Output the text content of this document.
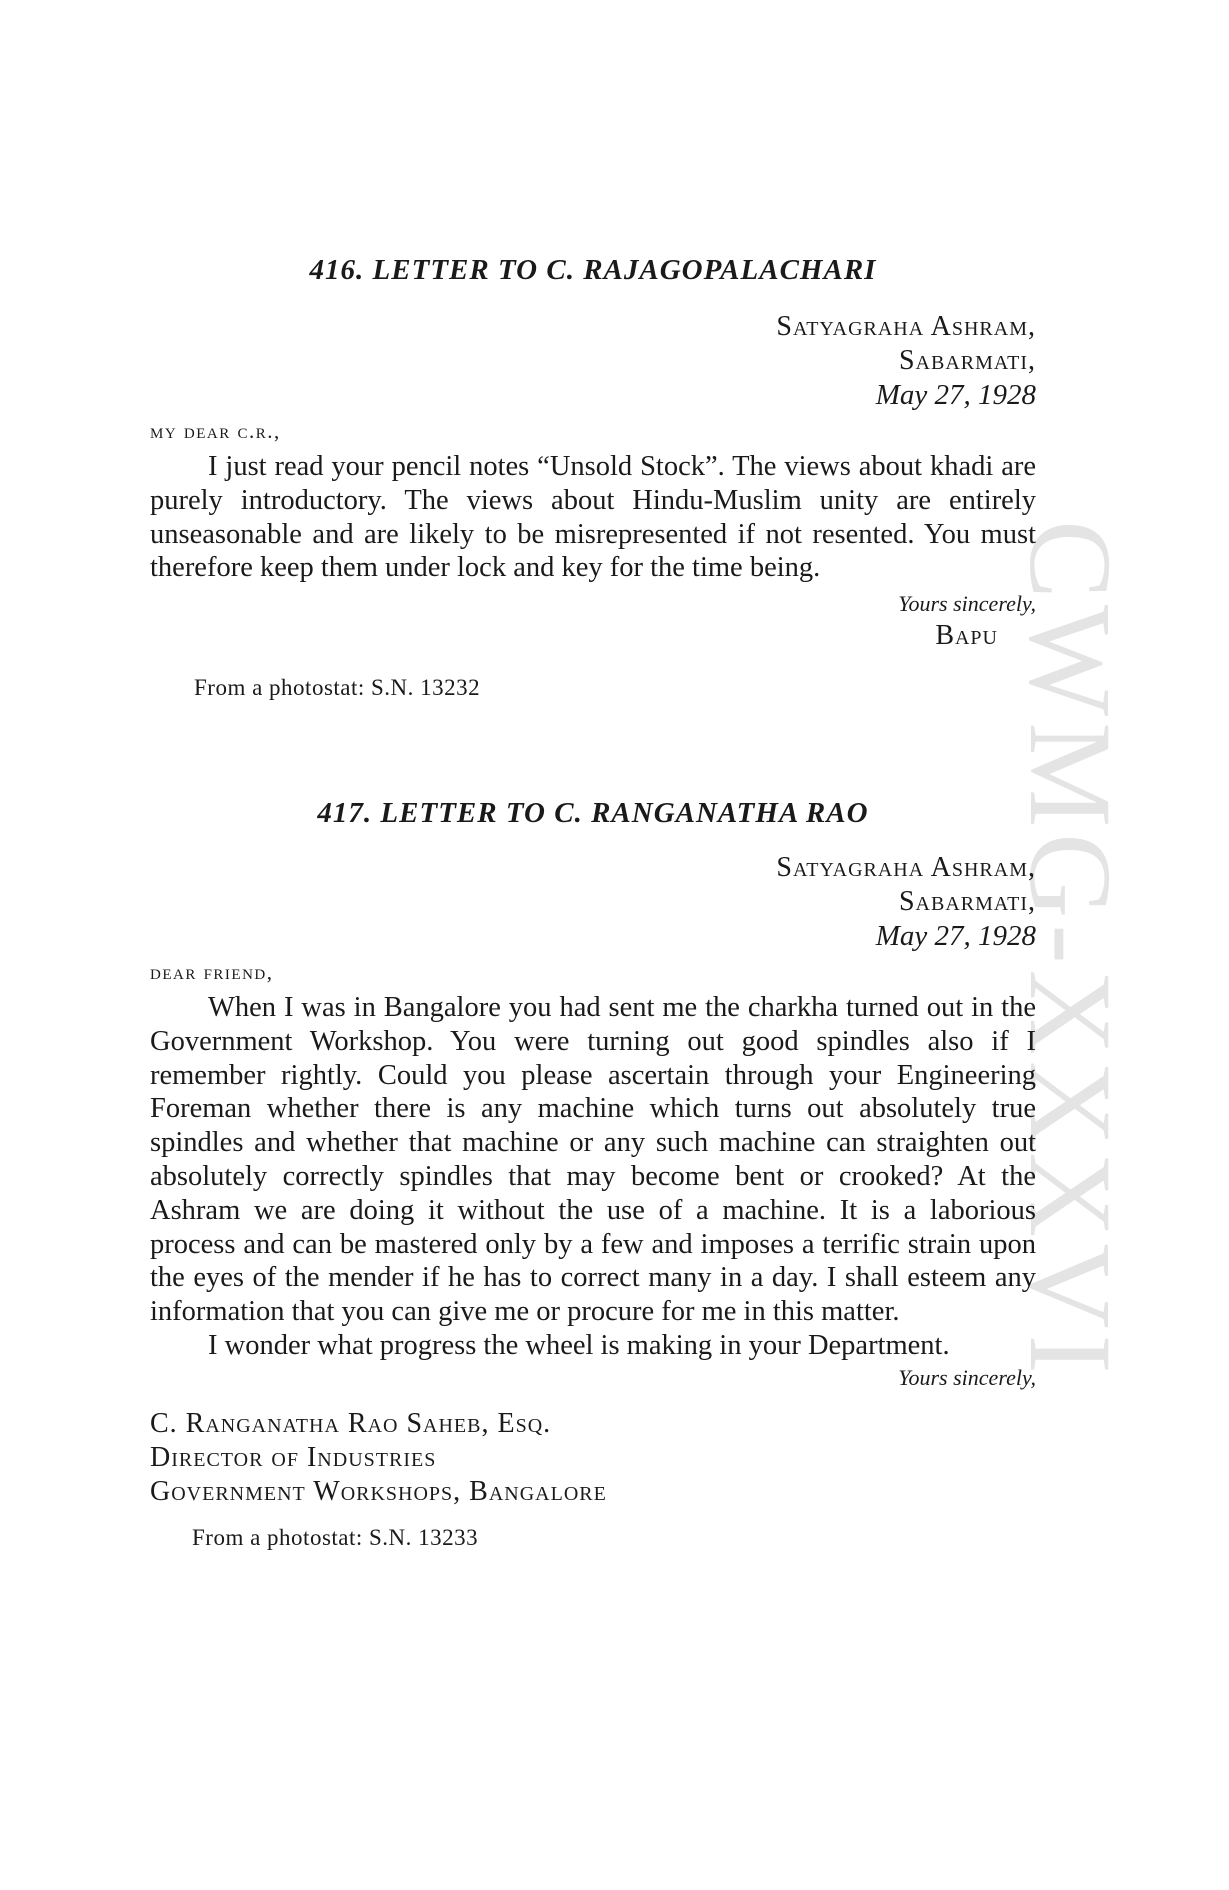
CWMG-XXXVI
416. LETTER TO C. RAJAGOPALACHARI
Satyagraha Ashram,
Sabarmati,
May 27, 1928
my dear c.r.,

I just read your pencil notes “Unsold Stock”. The views about khadi are purely introductory. The views about Hindu-Muslim unity are entirely unseasonable and are likely to be misrepresented if not resented. You must therefore keep them under lock and key for the time being.

Yours sincerely,
Bapu
From a photostat: S.N. 13232
417. LETTER TO C. RANGANATHA RAO
Satyagraha Ashram,
Sabarmati,
May 27, 1928
dear friend,

When I was in Bangalore you had sent me the charkha turned out in the Government Workshop. You were turning out good spindles also if I remember rightly. Could you please ascertain through your Engineering Foreman whether there is any machine which turns out absolutely true spindles and whether that machine or any such machine can straighten out absolutely correctly spindles that may become bent or crooked? At the Ashram we are doing it without the use of a machine. It is a laborious process and can be mastered only by a few and imposes a terrific strain upon the eyes of the mender if he has to correct many in a day. I shall esteem any information that you can give me or procure for me in this matter.

I wonder what progress the wheel is making in your Department.

Yours sincerely,
C. Ranganatha Rao Saheb, Esq.
Director of Industries
Government Workshops, Bangalore
From a photostat: S.N. 13233
